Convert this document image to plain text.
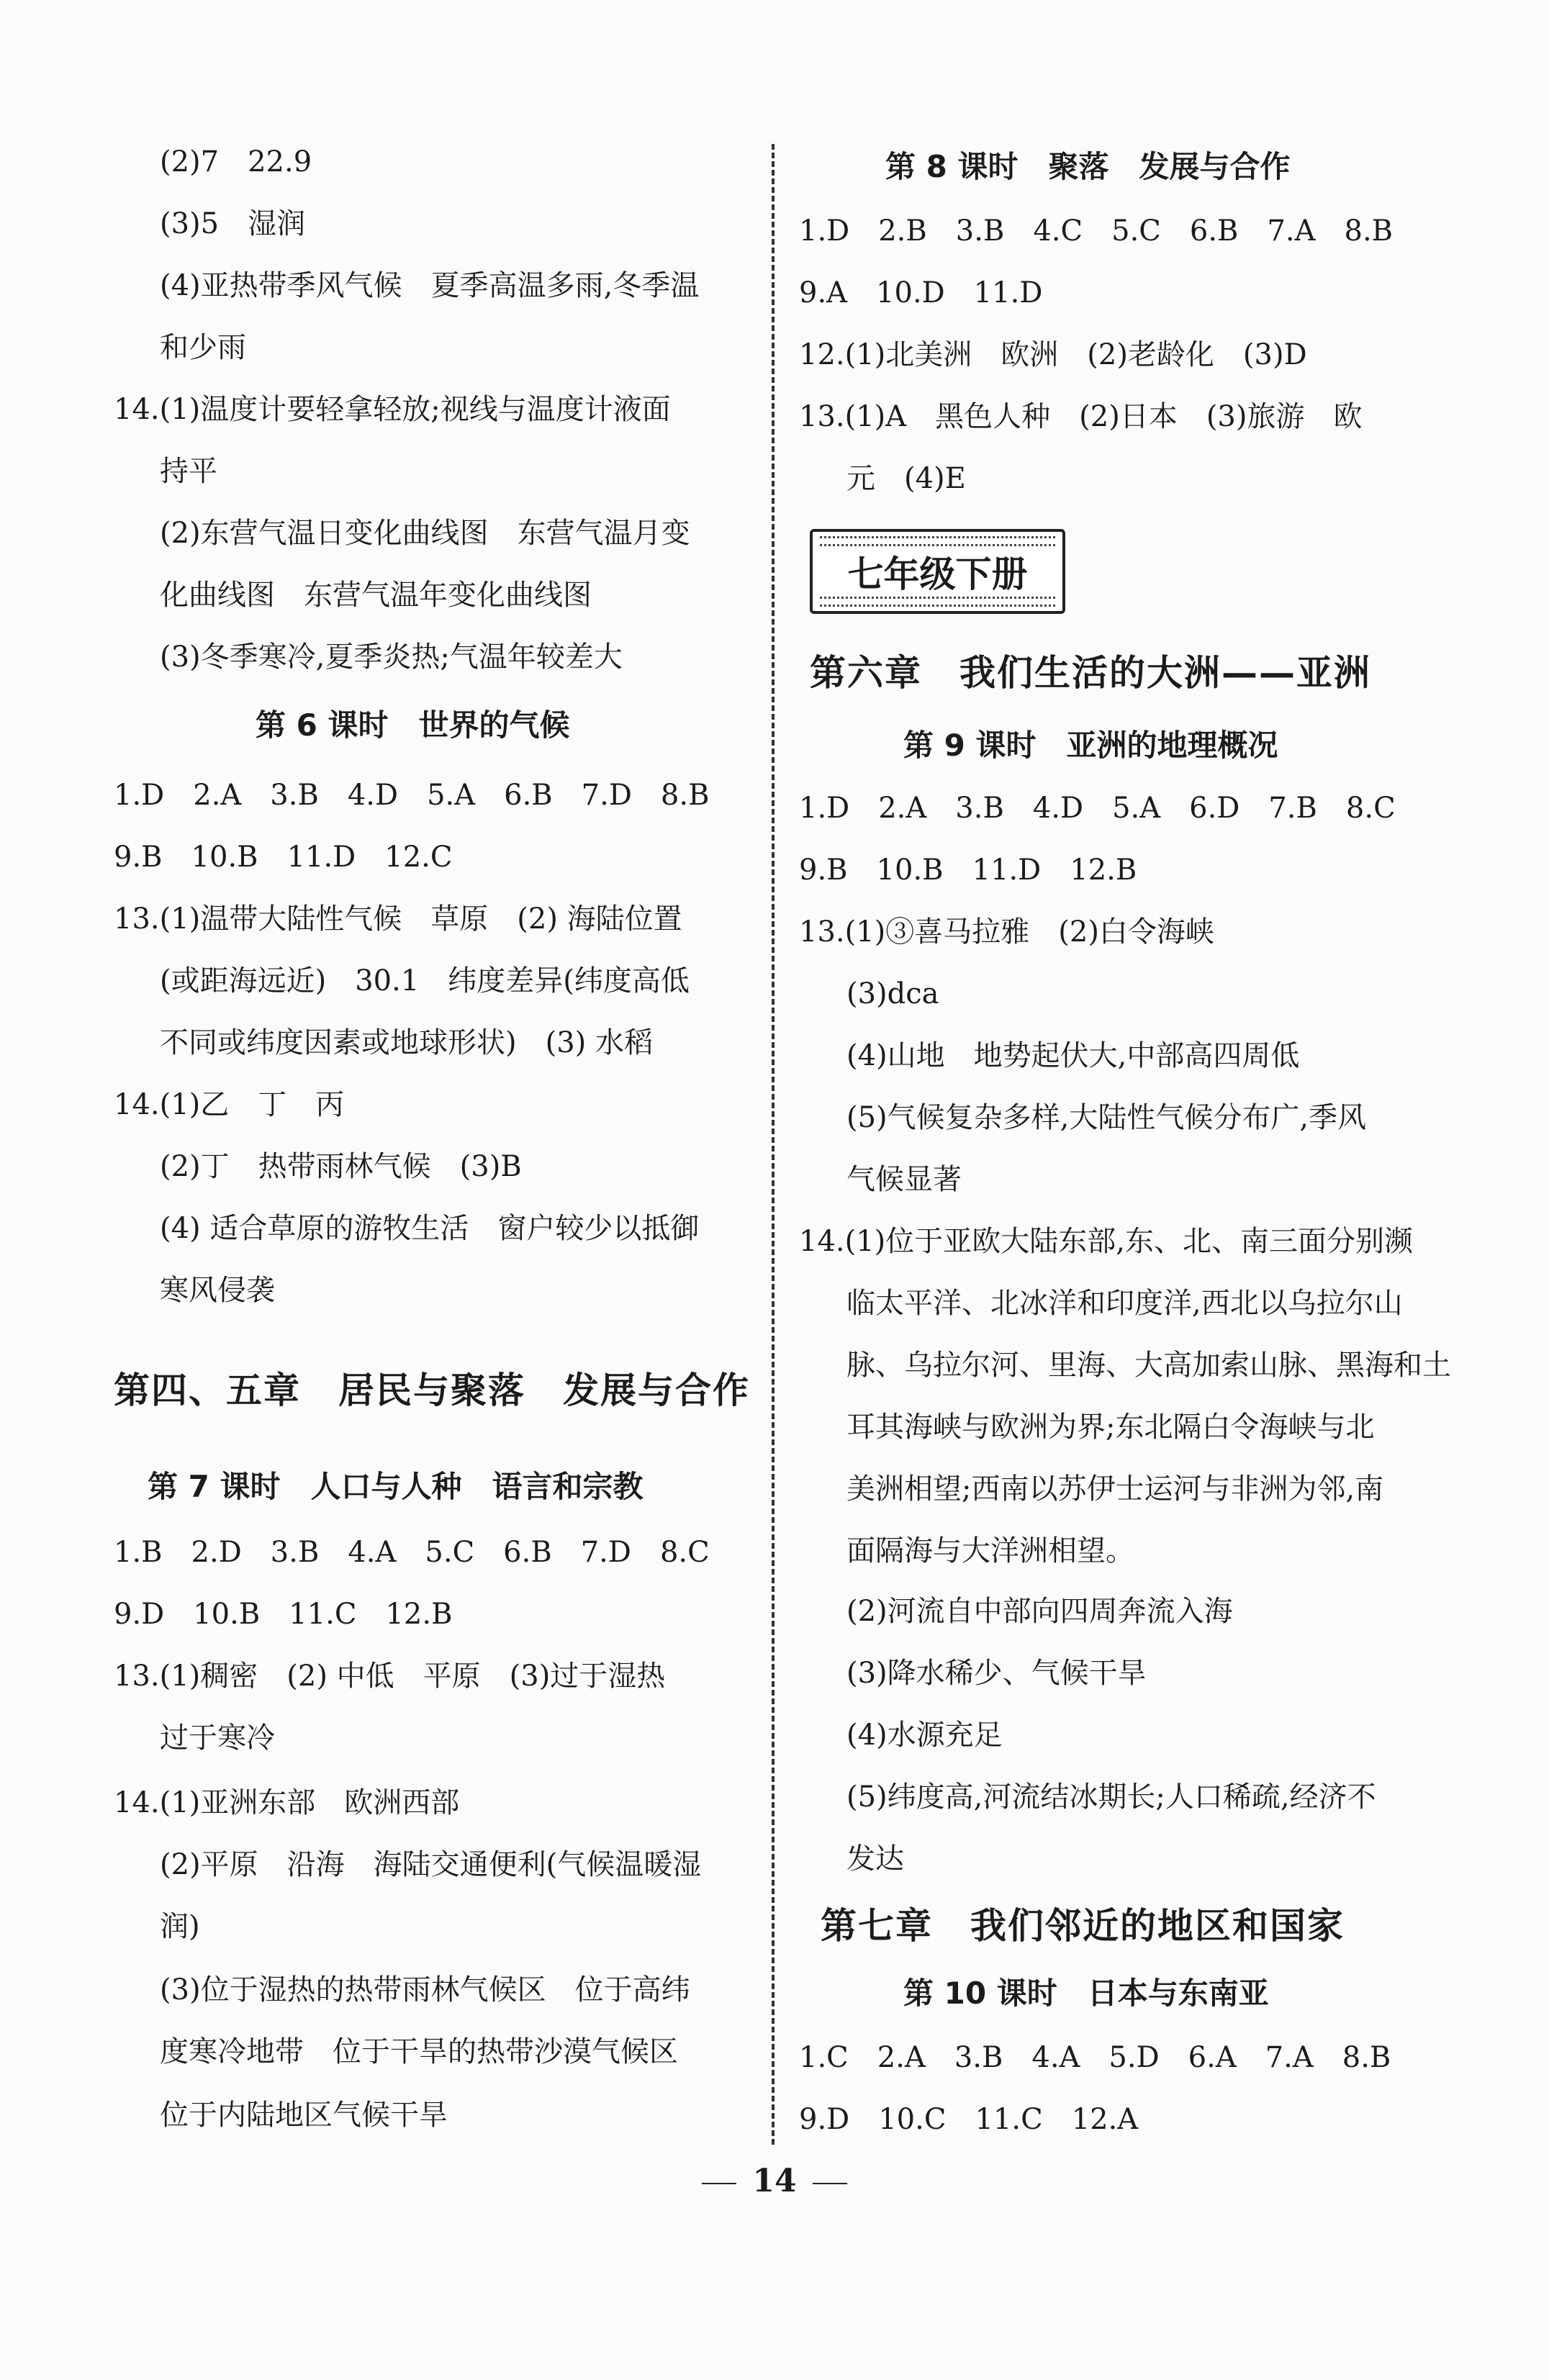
(2)7　22.9
(3)5　湿润
(4)亚热带季风气候　夏季高温多雨,冬季温
和少雨
14.(1)温度计要轻拿轻放;视线与温度计液面
持平
(2)东营气温日变化曲线图　东营气温月变
化曲线图　东营气温年变化曲线图
(3)冬季寒冷,夏季炎热;气温年较差大
第 6 课时　世界的气候
1.D　2.A　3.B　4.D　5.A　6.B　7.D　8.B
9.B　10.B　11.D　12.C
13.(1)温带大陆性气候　草原　(2) 海陆位置
(或距海远近)　30.1　纬度差异(纬度高低
不同或纬度因素或地球形状)　(3) 水稻
14.(1)乙　丁　丙
(2)丁　热带雨林气候　(3)B
(4) 适合草原的游牧生活　窗户较少以抵御
寒风侵袭
第四、五章　居民与聚落　发展与合作
第 7 课时　人口与人种　语言和宗教
1.B　2.D　3.B　4.A　5.C　6.B　7.D　8.C
9.D　10.B　11.C　12.B
13.(1)稠密　(2) 中低　平原　(3)过于湿热
过于寒冷
14.(1)亚洲东部　欧洲西部
(2)平原　沿海　海陆交通便利(气候温暖湿
润)
(3)位于湿热的热带雨林气候区　位于高纬
度寒冷地带　位于干旱的热带沙漠气候区
位于内陆地区气候干旱
第 8 课时　聚落　发展与合作
1.D　2.B　3.B　4.C　5.C　6.B　7.A　8.B
9.A　10.D　11.D
12.(1)北美洲　欧洲　(2)老龄化　(3)D
13.(1)A　黑色人种　(2)日本　(3)旅游　欧
元　(4)E
七年级下册
第六章　我们生活的大洲——亚洲
第 9 课时　亚洲的地理概况
1.D　2.A　3.B　4.D　5.A　6.D　7.B　8.C
9.B　10.B　11.D　12.B
13.(1)③喜马拉雅　(2)白令海峡
(3)dca
(4)山地　地势起伏大,中部高四周低
(5)气候复杂多样,大陆性气候分布广,季风
气候显著
14.(1)位于亚欧大陆东部,东、北、南三面分别濒
临太平洋、北冰洋和印度洋,西北以乌拉尔山
脉、乌拉尔河、里海、大高加索山脉、黑海和土
耳其海峡与欧洲为界;东北隔白令海峡与北
美洲相望;西南以苏伊士运河与非洲为邻,南
面隔海与大洋洲相望。
(2)河流自中部向四周奔流入海
(3)降水稀少、气候干旱
(4)水源充足
(5)纬度高,河流结冰期长;人口稀疏,经济不
发达
第七章　我们邻近的地区和国家
第 10 课时　日本与东南亚
1.C　2.A　3.B　4.A　5.D　6.A　7.A　8.B
9.D　10.C　11.C　12.A
14
